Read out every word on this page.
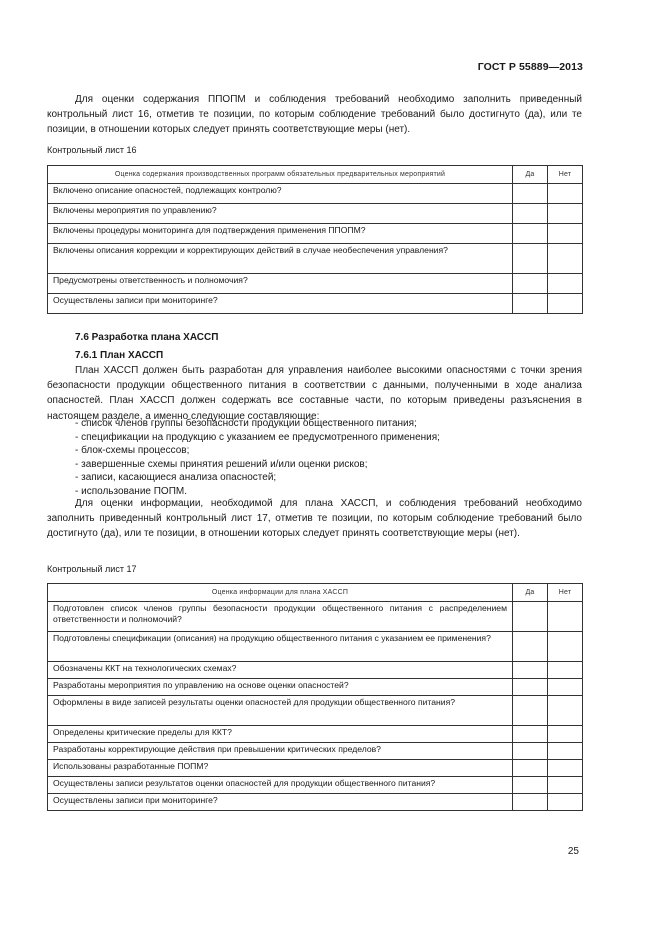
ГОСТ Р 55889—2013

Для оценки содержания ППОПМ и соблюдения требований необходимо заполнить приведенный контрольный лист 16, отметив те позиции, по которым соблюдение требований было достигнуто (да), или те позиции, в отношении которых следует принять соответствующие меры (нет).

Контрольный лист 16

Оценка содержания производственных программ обязательных предварительных мероприятий	Да	Нет
Включено описание опасностей, подлежащих контролю?		
Включены мероприятия по управлению?		
Включены процедуры мониторинга для подтверждения применения ППОПМ?		
Включены описания коррекции и корректирующих действий в случае необеспечения управления?		
Предусмотрены ответственность и полномочия?		
Осуществлены записи при мониторинге?		

7.6 Разработка плана ХАССП

7.6.1 План ХАССП

План ХАССП должен быть разработан для управления наиболее высокими опасностями с точки зрения безопасности продукции общественного питания в соответствии с данными, полученными в ходе анализа опасностей. План ХАССП должен содержать все составные части, по которым приведены разъяснения в настоящем разделе, а именно следующие составляющие:

- список членов группы безопасности продукции общественного питания;
- спецификации на продукцию с указанием ее предусмотренного применения;
- блок-схемы процессов;
- завершенные схемы принятия решений и/или оценки рисков;
- записи, касающиеся анализа опасностей;
- использование ПОПМ.

Для оценки информации, необходимой для плана ХАССП, и соблюдения требований необходимо заполнить приведенный контрольный лист 17, отметив те позиции, по которым соблюдение требований было достигнуто (да), или те позиции, в отношении которых следует принять соответствующие меры (нет).

Контрольный лист 17

Оценка информации для плана ХАССП	Да	Нет
Подготовлен список членов группы безопасности продукции общественного питания с распределением ответственности и полномочий?		
Подготовлены спецификации (описания) на продукцию общественного питания с указанием ее применения?		
Обозначены ККТ на технологических схемах?		
Разработаны мероприятия по управлению на основе оценки опасностей?		
Оформлены в виде записей результаты оценки опасностей для продукции общественного питания?		
Определены критические пределы для ККТ?		
Разработаны корректирующие действия при превышении критических пределов?		
Использованы разработанные ПОПМ?		
Осуществлены записи результатов оценки опасностей для продукции общественного питания?		
Осуществлены записи при мониторинге?		
25
